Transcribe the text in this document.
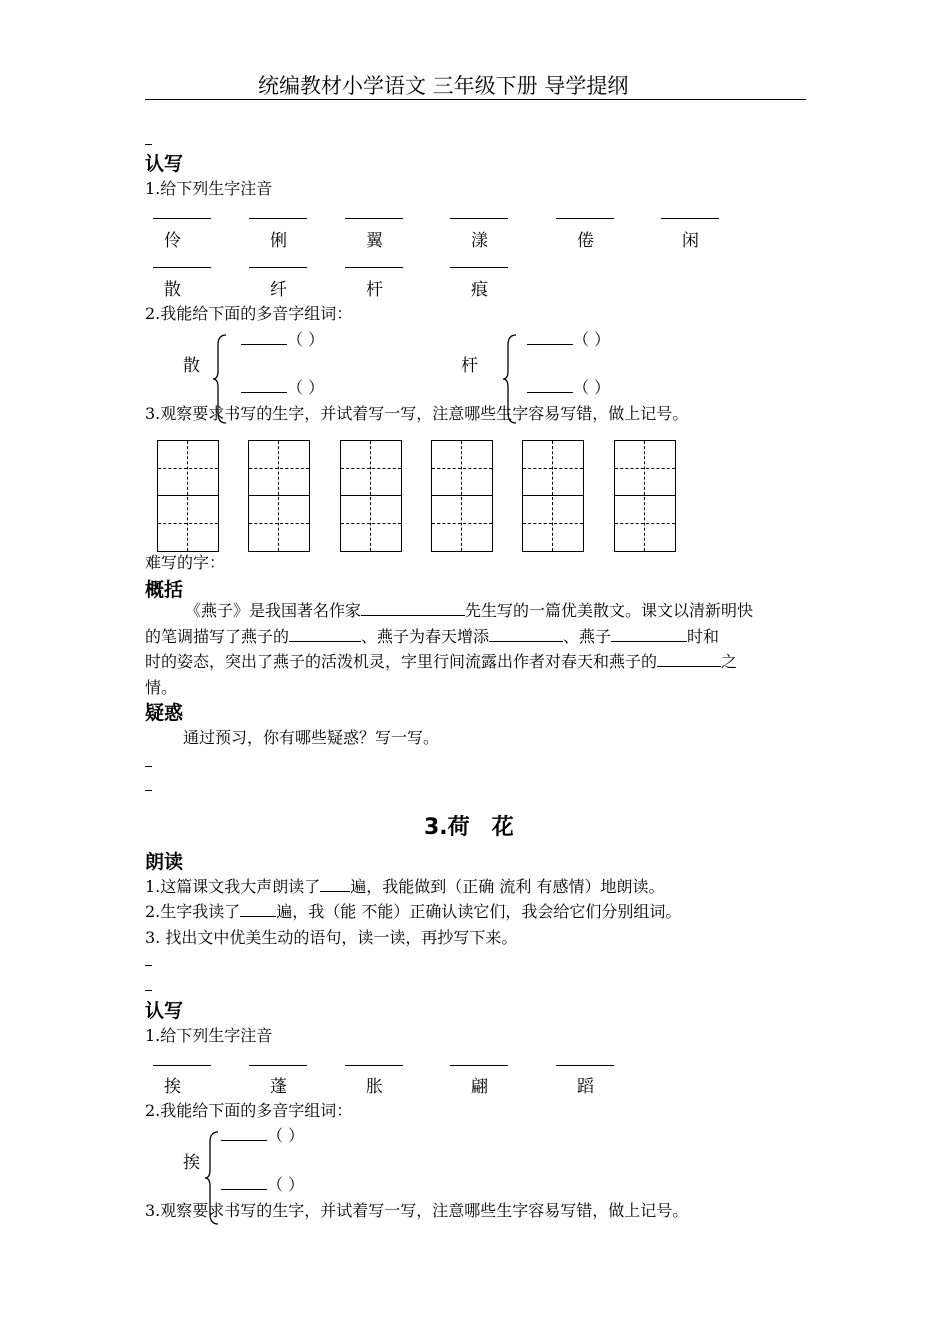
统编教材小学语文 三年级下册 导学提纲
认写
1.给下列生字注音
伶	俐	翼	漾	倦	闲
散	纤	杆	痕
2.我能给下面的多音字组词：
散
（ ）
（ ）
杆
（ ）
（ ）
3.观察要求书写的生字，并试着写一写，注意哪些生字容易写错，做上记号。
难写的字：
概括
《燕子》是我国著名作家	先生写的一篇优美散文。课文以清新明快
的笔调描写了燕子的	、燕子为春天增添	、燕子	时和
时的姿态，突出了燕子的活泼机灵，字里行间流露出作者对春天和燕子的	之
情。
疑惑
通过预习，你有哪些疑惑？写一写。
3.荷　花
朗读
1.这篇课文我大声朗读了 遍，我能做到（正确 流利 有感情）地朗读。
2.生字我读了 遍，我（能 不能）正确认读它们，我会给它们分别组词。
3. 找出文中优美生动的语句，读一读，再抄写下来。
认写
1.给下列生字注音
挨	蓬	胀	翩	蹈
2.我能给下面的多音字组词：
挨
（ ）
（ ）
3.观察要求书写的生字，并试着写一写，注意哪些生字容易写错，做上记号。
